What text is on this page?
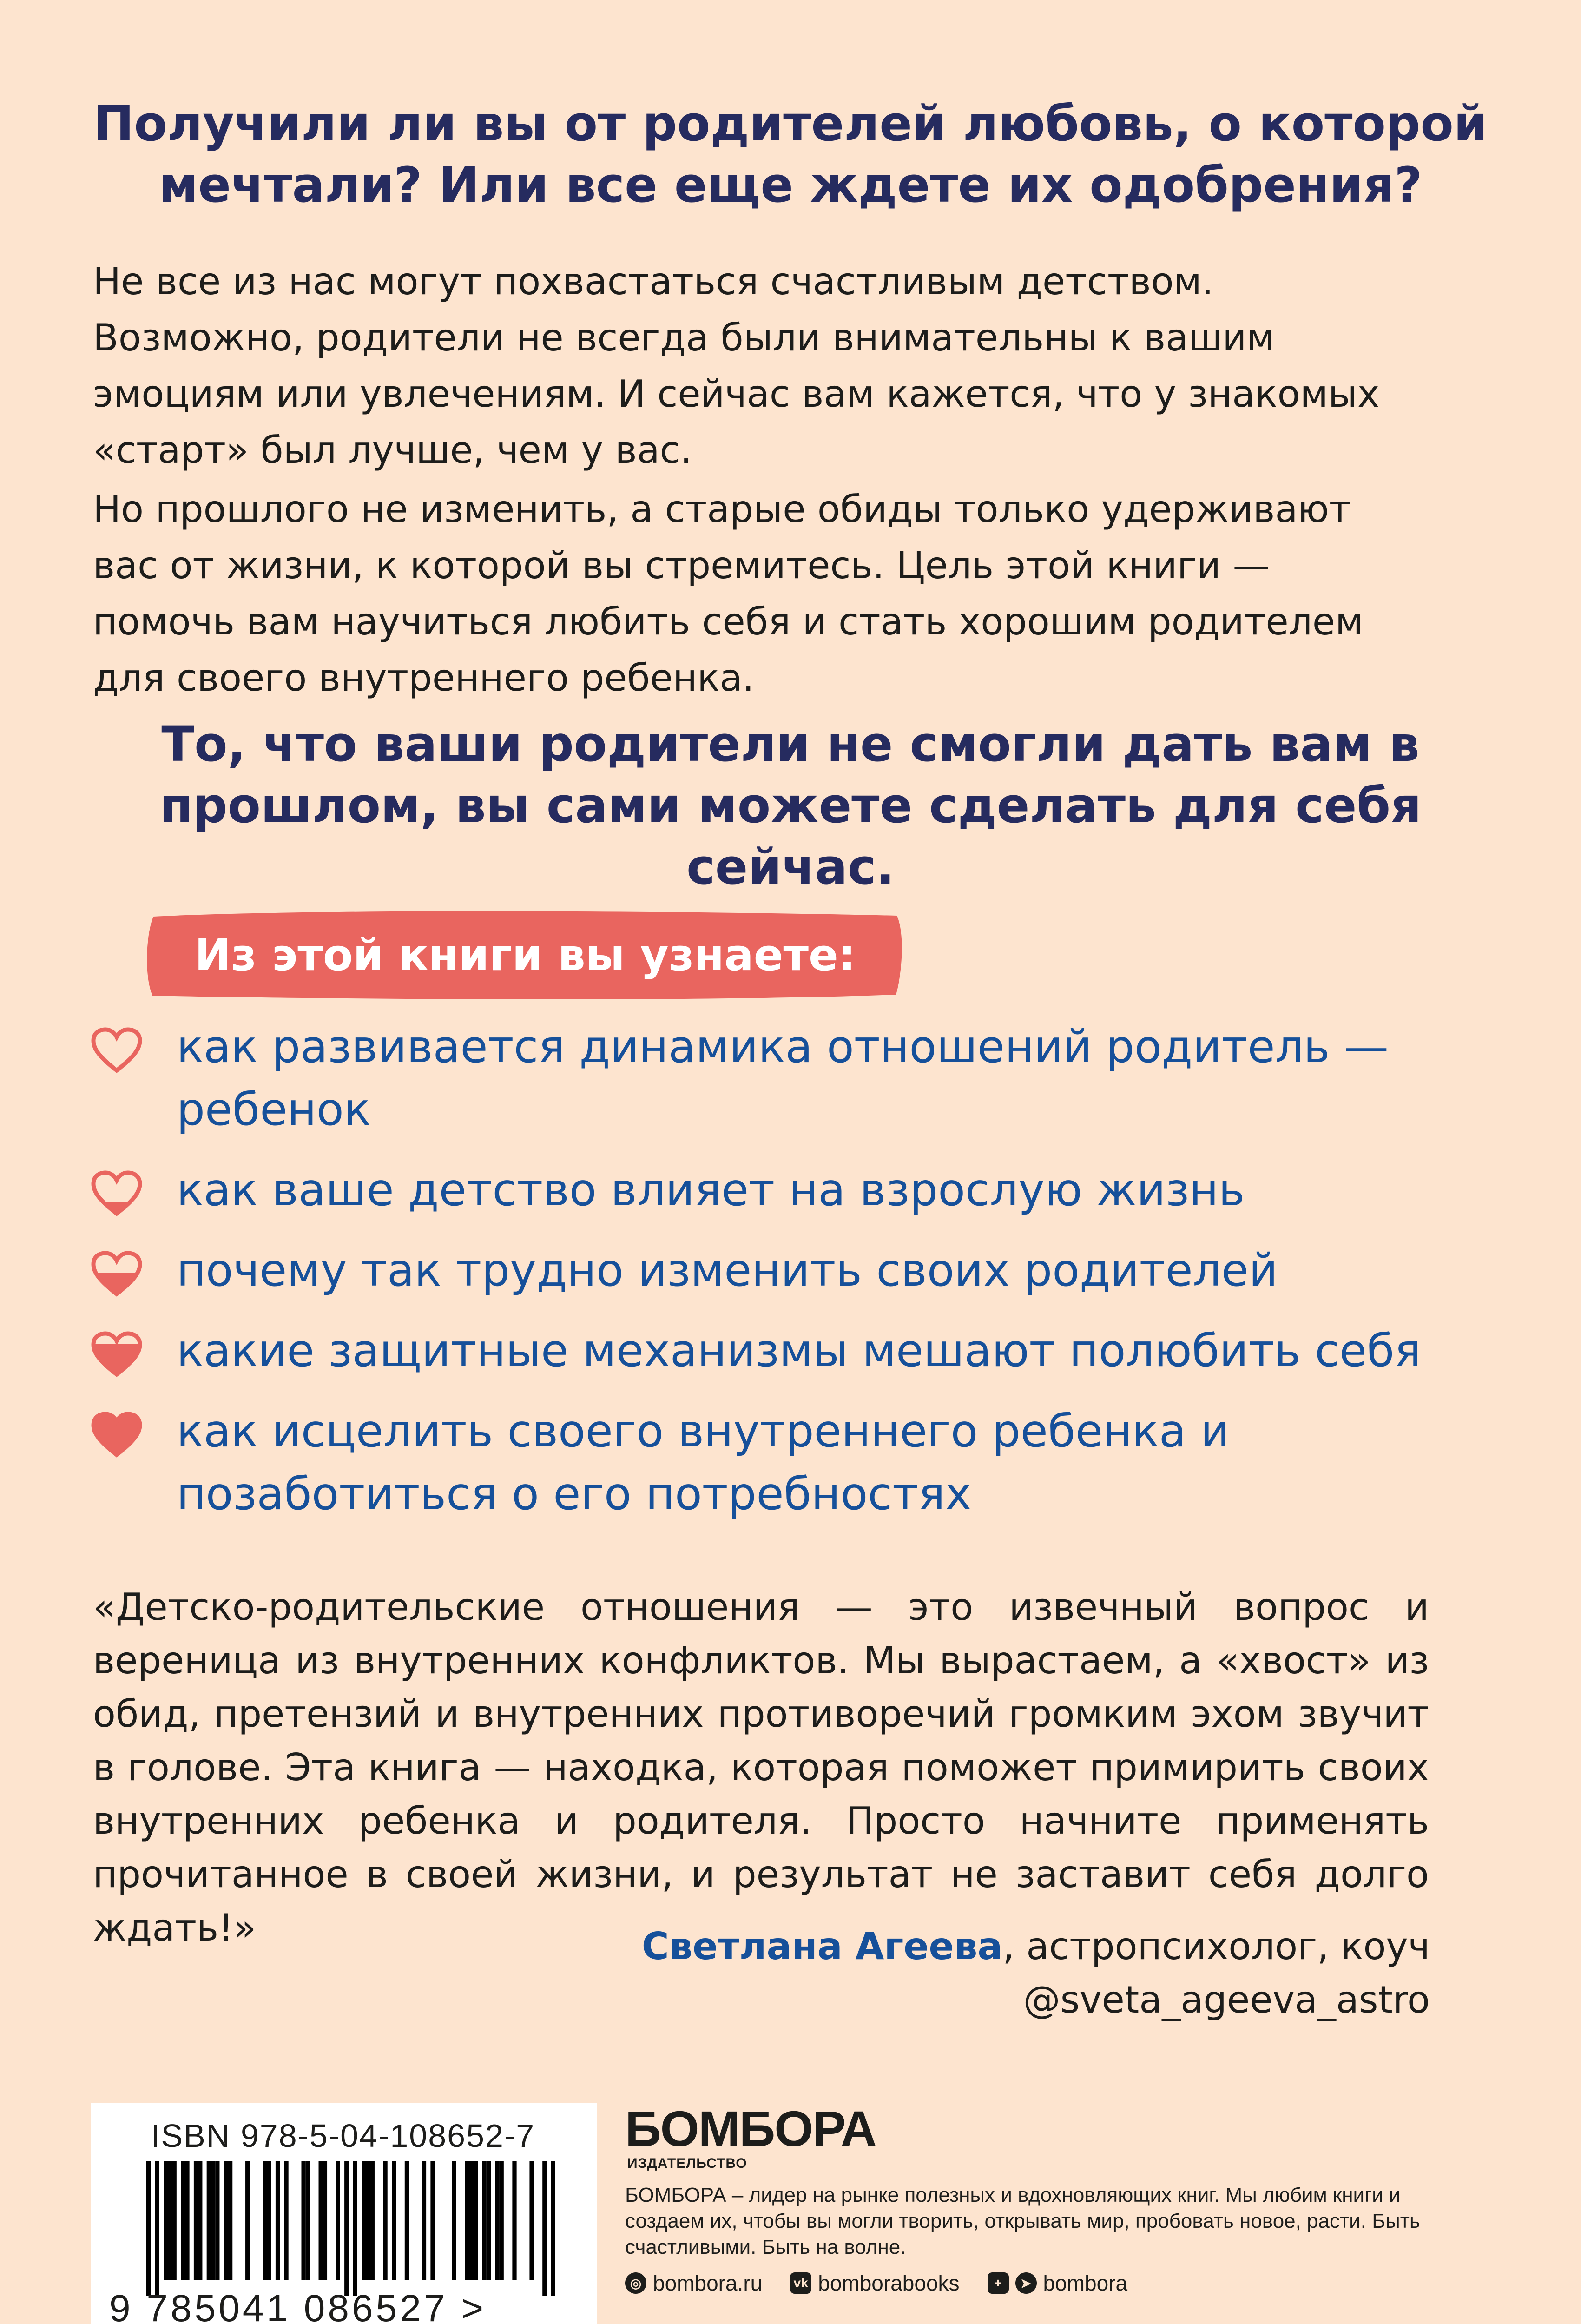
Получили ли вы от родителей любовь, о которой мечтали? Или все еще ждете их одобрения?

Не все из нас могут похвастаться счастливым детством. Возможно, родители не всегда были внимательны к вашим эмоциям или увлечениям. И сейчас вам кажется, что у знакомых «старт» был лучше, чем у вас.

Но прошлого не изменить, а старые обиды только удерживают вас от жизни, к которой вы стремитесь. Цель этой книги — помочь вам научиться любить себя и стать хорошим родителем для своего внутреннего ребенка.

То, что ваши родители не смогли дать вам в прошлом, вы сами можете сделать для себя сейчас.
Из этой книги вы узнаете:
как развивается динамика отношений родитель — ребенок
как ваше детство влияет на взрослую жизнь
почему так трудно изменить своих родителей
какие защитные механизмы мешают полюбить себя
как исцелить своего внутреннего ребенка и позаботиться о его потребностях

«Детско-родительские отношения — это извечный вопрос и вереница из внутренних конфликтов. Мы вырастаем, а «хвост» из обид, претензий и внутренних противоречий громким эхом звучит в голове. Эта книга — находка, которая поможет примирить своих внутренних ребенка и родителя. Просто начните применять прочитанное в своей жизни, и результат не заставит себя долго ждать!»	Светлана Агеева, астропсихолог, коуч
@sveta_ageeva_astro
ISBN 978-5-04-108652-7
9 785041 086527 >
БОМБОРА
ИЗДАТЕЛЬСТВО

БОМБОРА – лидер на рынке полезных и вдохновляющих книг. Мы любим книги и создаем их, чтобы вы могли творить, открывать мир, пробовать новое, расти. Быть счастливыми. Быть на волне.

◎ bombora.ru vk bomborabooks	+	➤ bombora
